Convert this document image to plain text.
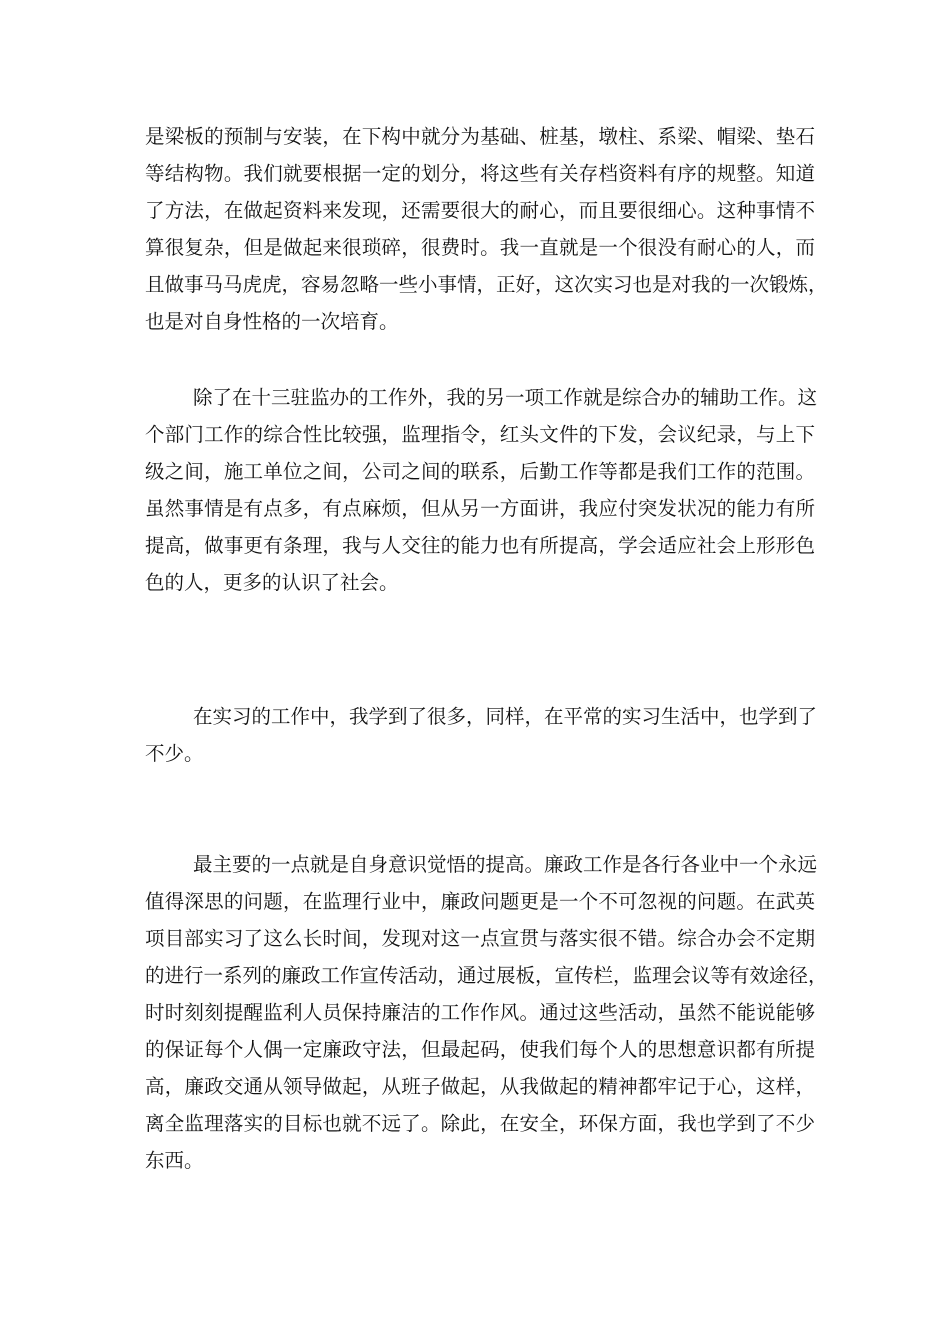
是梁板的预制与安装，在下构中就分为基础、桩基，墩柱、系梁、帽梁、垫石
等结构物。我们就要根据一定的划分，将这些有关存档资料有序的规整。知道
了方法，在做起资料来发现，还需要很大的耐心，而且要很细心。这种事情不
算很复杂，但是做起来很琐碎，很费时。我一直就是一个很没有耐心的人，而
且做事马马虎虎，容易忽略一些小事情，正好，这次实习也是对我的一次锻炼，
也是对自身性格的一次培育。
除了在十三驻监办的工作外，我的另一项工作就是综合办的辅助工作。这
个部门工作的综合性比较强，监理指令，红头文件的下发，会议纪录，与上下
级之间，施工单位之间，公司之间的联系，后勤工作等都是我们工作的范围。
虽然事情是有点多，有点麻烦，但从另一方面讲，我应付突发状况的能力有所
提高，做事更有条理，我与人交往的能力也有所提高，学会适应社会上形形色
色的人，更多的认识了社会。
在实习的工作中，我学到了很多，同样，在平常的实习生活中，也学到了
不少。
最主要的一点就是自身意识觉悟的提高。廉政工作是各行各业中一个永远
值得深思的问题，在监理行业中，廉政问题更是一个不可忽视的问题。在武英
项目部实习了这么长时间，发现对这一点宣贯与落实很不错。综合办会不定期
的进行一系列的廉政工作宣传活动，通过展板，宣传栏，监理会议等有效途径，
时时刻刻提醒监利人员保持廉洁的工作作风。通过这些活动，虽然不能说能够
的保证每个人偶一定廉政守法，但最起码，使我们每个人的思想意识都有所提
高，廉政交通从领导做起，从班子做起，从我做起的精神都牢记于心，这样，
离全监理落实的目标也就不远了。除此，在安全，环保方面，我也学到了不少
东西。
